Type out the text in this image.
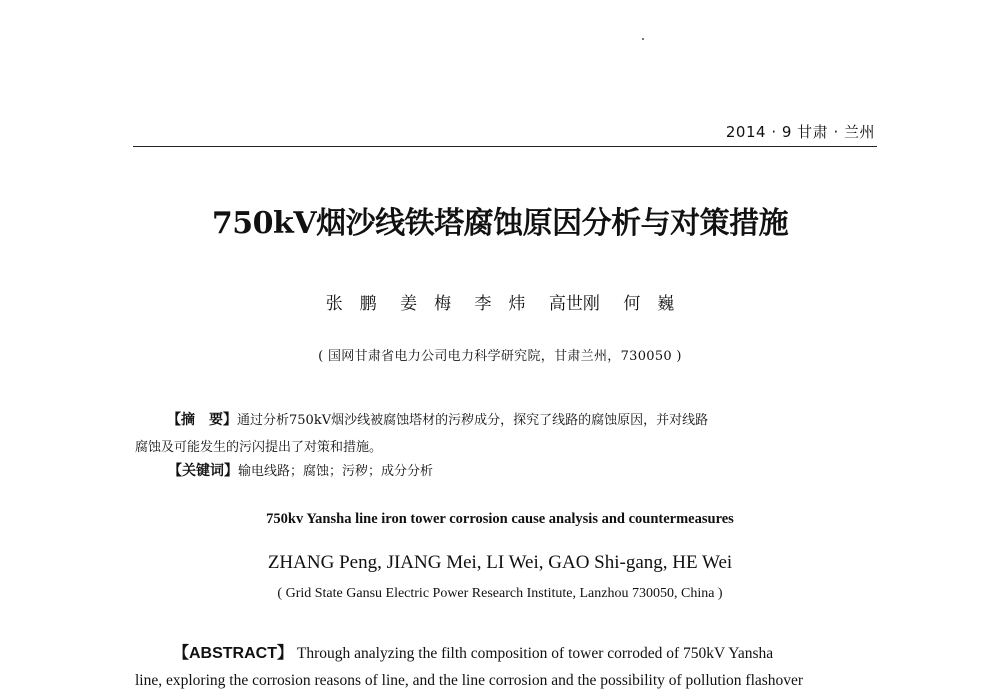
2014 · 9 甘肃 · 兰州
750kV烟沙线铁塔腐蚀原因分析与对策措施
张　鹏 姜　梅 李　炜 高世刚 何　巍
( 国网甘肃省电力公司电力科学研究院，甘肃兰州，730050 )
【摘　要】通过分析750kV烟沙线被腐蚀塔材的污秽成分，探究了线路的腐蚀原因，并对线路
腐蚀及可能发生的污闪提出了对策和措施。
【关键词】输电线路；腐蚀；污秽；成分分析
750kv Yansha line iron tower corrosion cause analysis and countermeasures
ZHANG Peng, JIANG Mei, LI Wei, GAO Shi-gang, HE Wei
( Grid State Gansu Electric Power Research Institute, Lanzhou 730050, China )
【ABSTRACT】 Through analyzing the filth composition of tower corroded of 750kV Yansha
line, exploring the corrosion reasons of line, and the line corrosion and the possibility of pollution flashover
